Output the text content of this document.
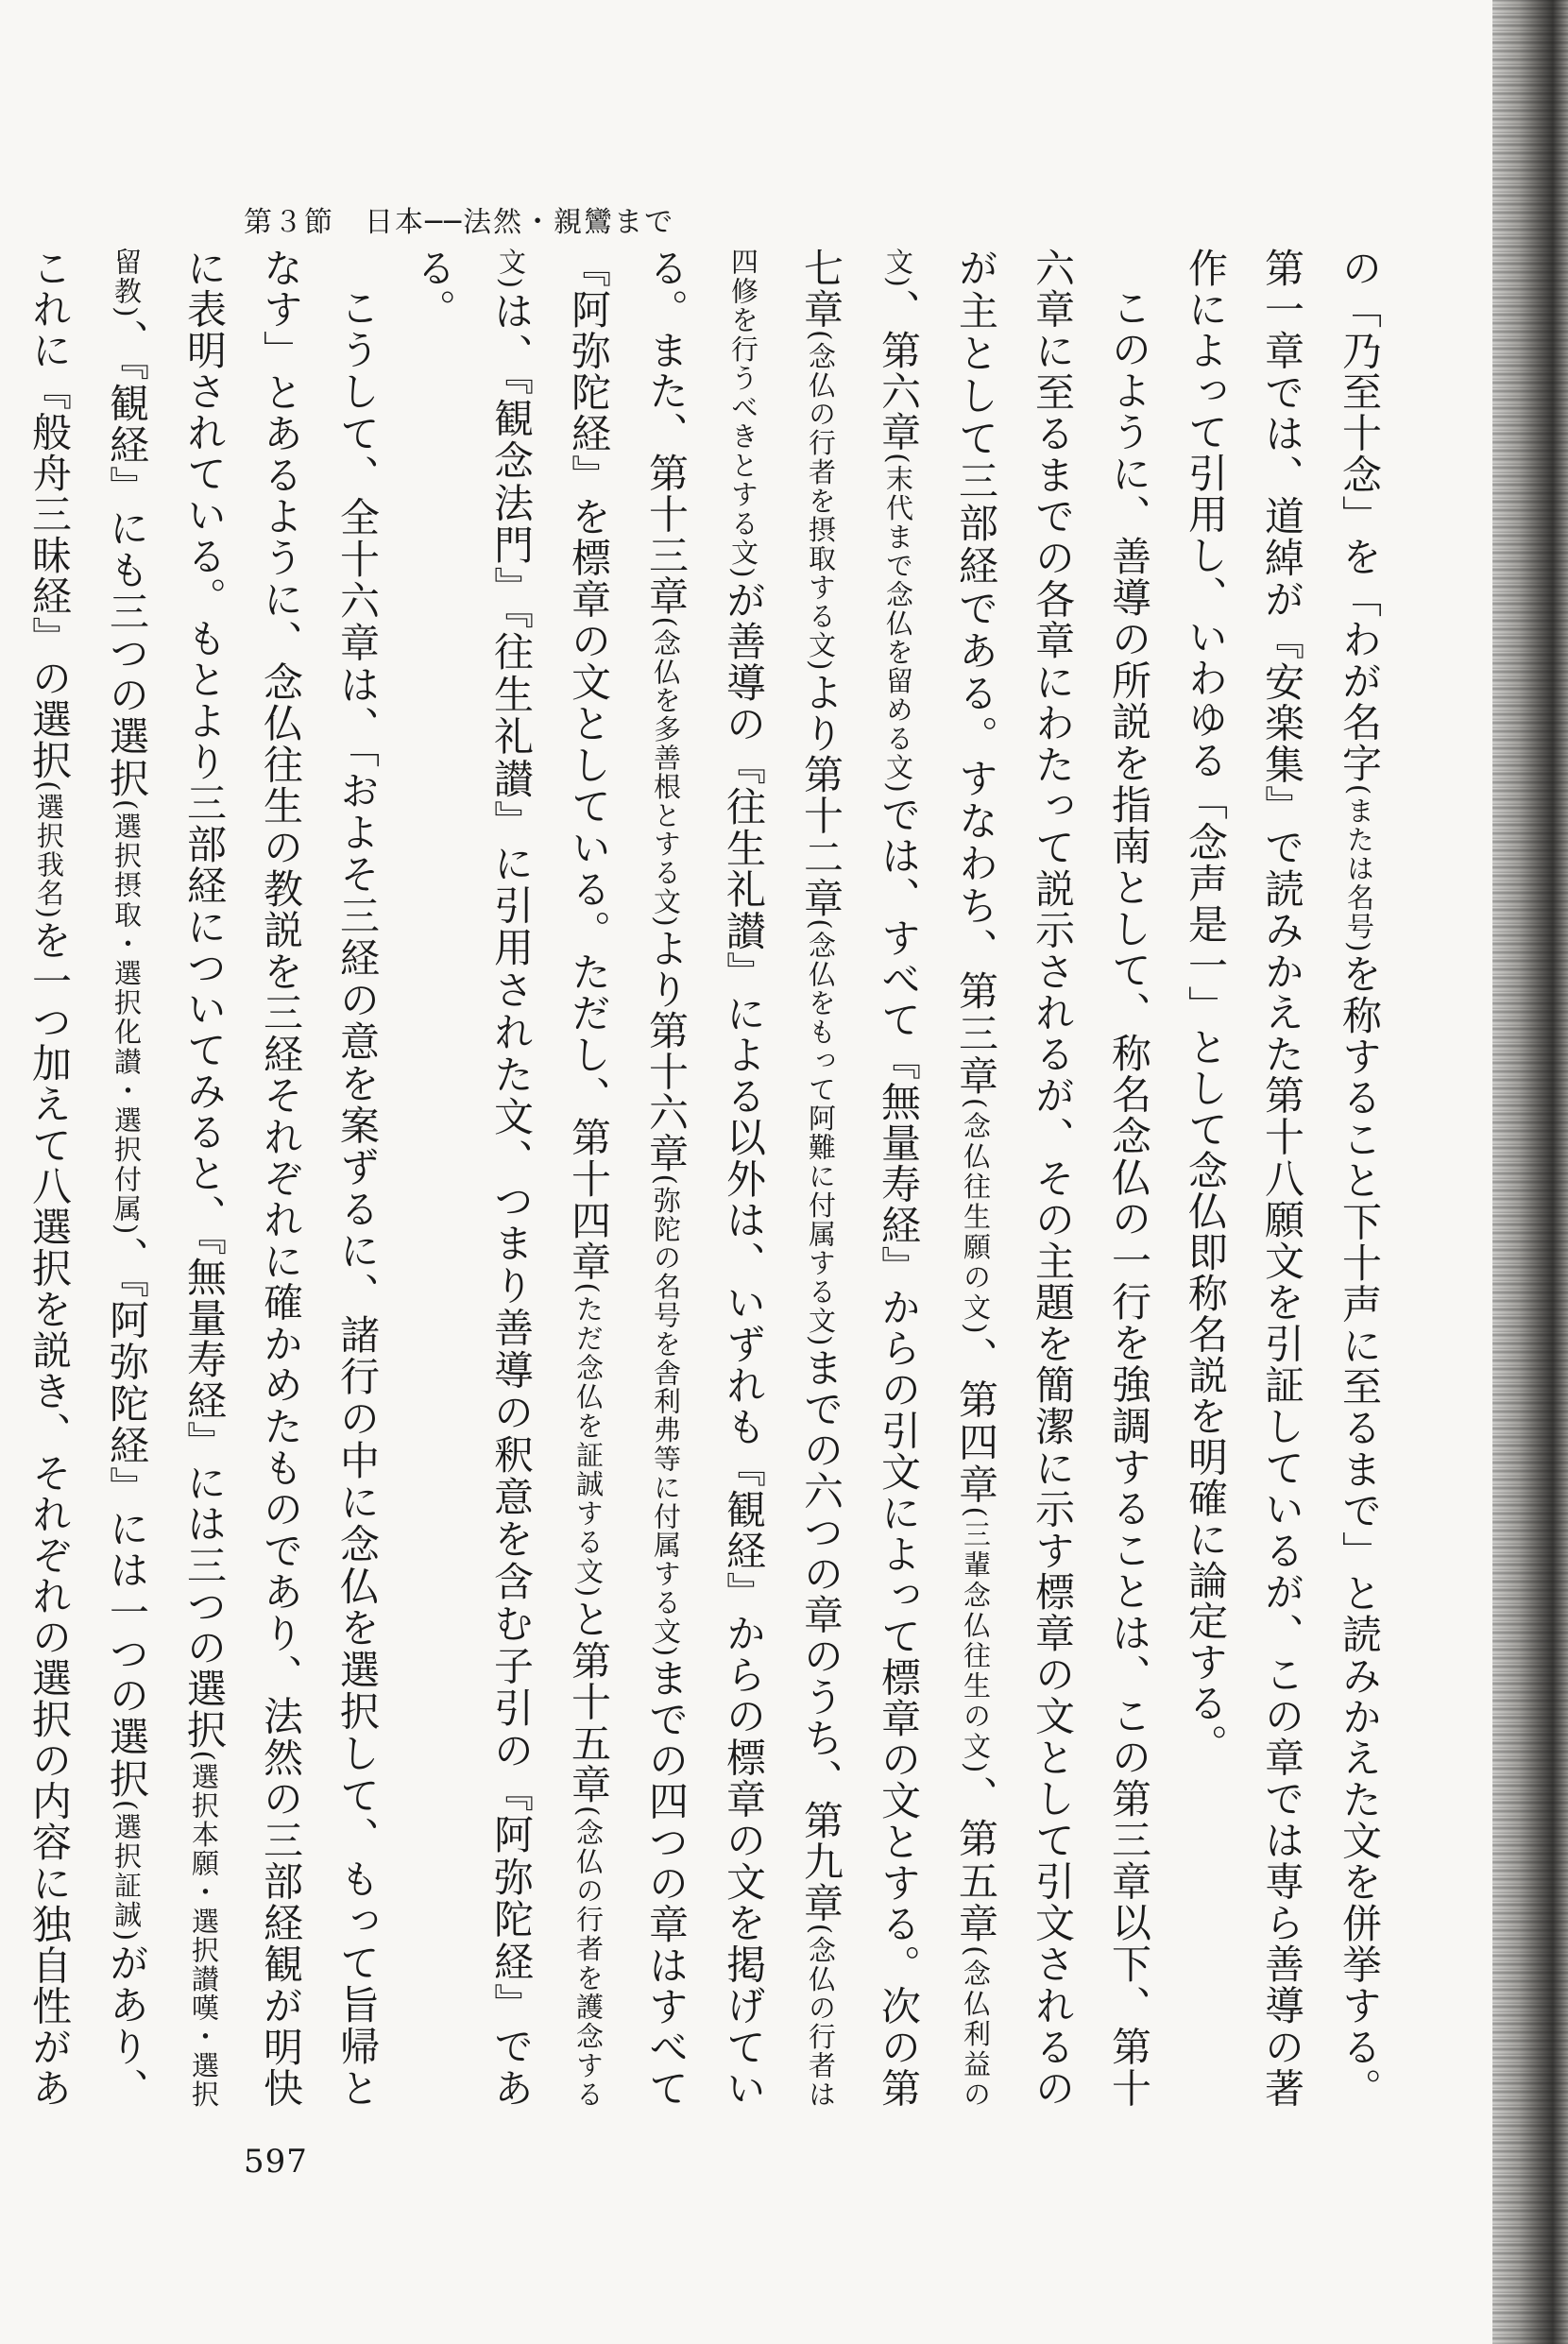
第３節　日本──法然・親鸞まで

の「乃至十念」を「わが名字(または名号)を称すること下十声に至るまで」と読みかえた文を併挙する。第一章では、道綽が『安楽集』で読みかえた第十八願文を引証しているが、この章では専ら善導の著作によって引用し、いわゆる「念声是一」として念仏即称名説を明確に論定する。

このように、善導の所説を指南として、称名念仏の一行を強調することは、この第三章以下、第十六章に至るまでの各章にわたって説示されるが、その主題を簡潔に示す標章の文として引文されるのが主として三部経である。すなわち、第三章(念仏往生願の文)、第四章(三輩念仏往生の文)、第五章(念仏利益の文)、第六章(末代まで念仏を留める文)では、すべて『無量寿経』からの引文によって標章の文とする。次の第七章(念仏の行者を摂取する文)より第十二章(念仏をもって阿難に付属する文)までの六つの章のうち、第九章(念仏の行者は四修を行うべきとする文)が善導の『往生礼讃』による以外は、いずれも『観経』からの標章の文を掲げている。また、第十三章(念仏を多善根とする文)より第十六章(弥陀の名号を舎利弗等に付属する文)までの四つの章はすべて『阿弥陀経』を標章の文としている。ただし、第十四章(ただ念仏を証誠する文)と第十五章(念仏の行者を護念する文)は、『観念法門』『往生礼讃』に引用された文、つまり善導の釈意を含む子引の『阿弥陀経』である。

こうして、全十六章は、「およそ三経の意を案ずるに、諸行の中に念仏を選択して、もって旨帰となす」とあるように、念仏往生の教説を三経それぞれに確かめたものであり、法然の三部経観が明快に表明されている。もとより三部経についてみると、『無量寿経』には三つの選択(選択本願・選択讃嘆・選択留教)、『観経』にも三つの選択(選択摂取・選択化讃・選択付属)、『阿弥陀経』には一つの選択(選択証誠)があり、これに『般舟三昧経』の選択(選択我名)を一つ加えて八選択を説き、それぞれの選択の内容に独自性があ

597
